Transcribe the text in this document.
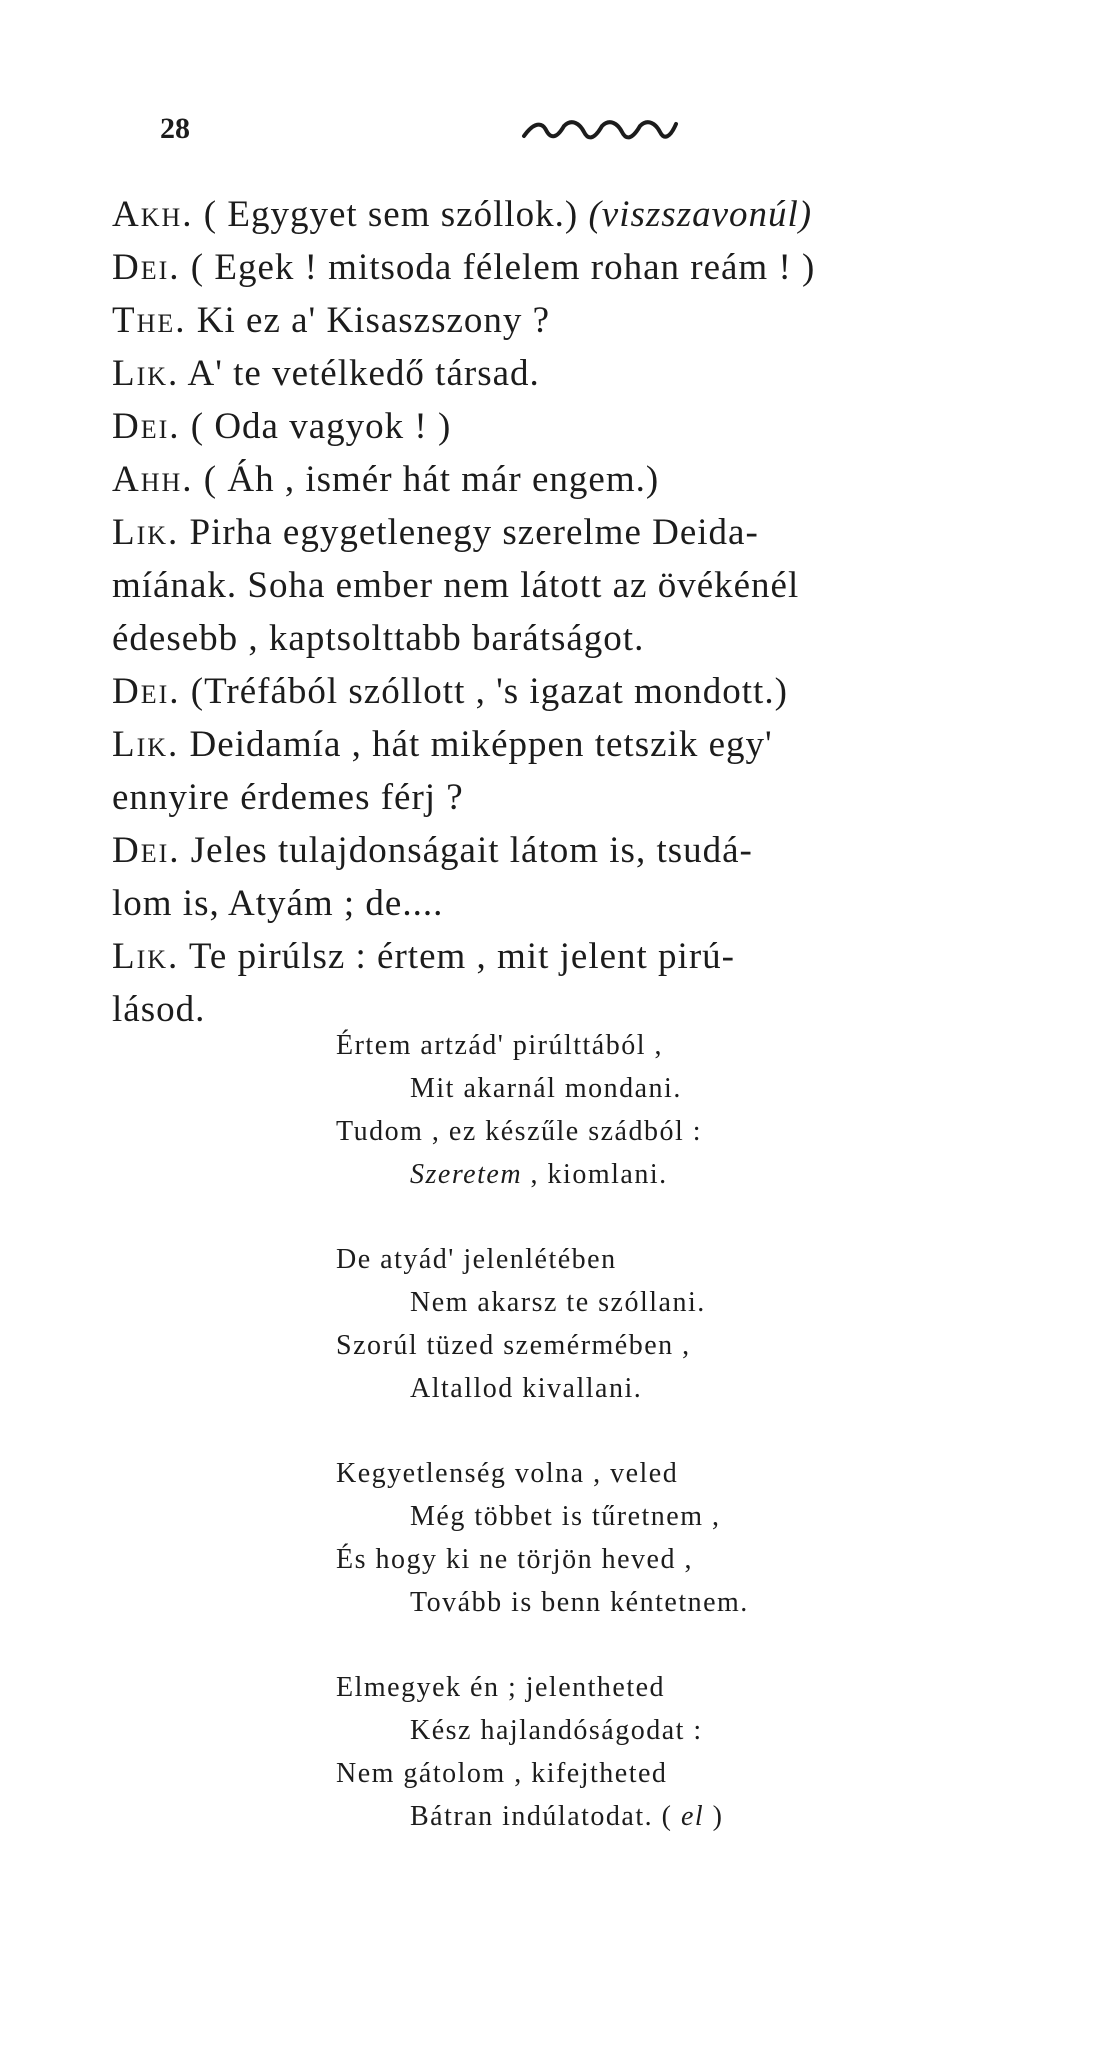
28
Akh. ( Egygyet sem szóllok.) (viszszavonúl)
Dei. ( Egek ! mitsoda félelem rohan reám ! )
The. Ki ez a' Kisaszszony ?
Lik. A' te vetélkedő társad.
Dei. ( Oda vagyok ! )
Ahh. ( Áh , ismér hát már engem.)
Lik. Pirha egygetlenegy szerelme Deida-
míának. Soha ember nem látott az övékénél
édesebb , kaptsolttabb barátságot.
Dei. (Tréfából szóllott , 's igazat mondott.)
Lik. Deidamía , hát miképpen tetszik egy'
ennyire érdemes férj ?
Dei. Jeles tulajdonságait látom is, tsudá-
lom is, Atyám ; de....
Lik. Te pirúlsz : értem , mit jelent pirú-
lásod.
Értem artzád' pirúlttából ,
Mit akarnál mondani.
Tudom , ez készűle szádból :
Szeretem , kiomlani.
De atyád' jelenlétében
Nem akarsz te szóllani.
Szorúl tüzed szemérmében ,
Altallod kivallani.
Kegyetlenség volna , veled
Még többet is tűretnem ,
És hogy ki ne törjön heved ,
Tovább is benn kéntetnem.
Elmegyek én ; jelentheted
Kész hajlandóságodat :
Nem gátolom , kifejtheted
Bátran indúlatodat. ( el )
